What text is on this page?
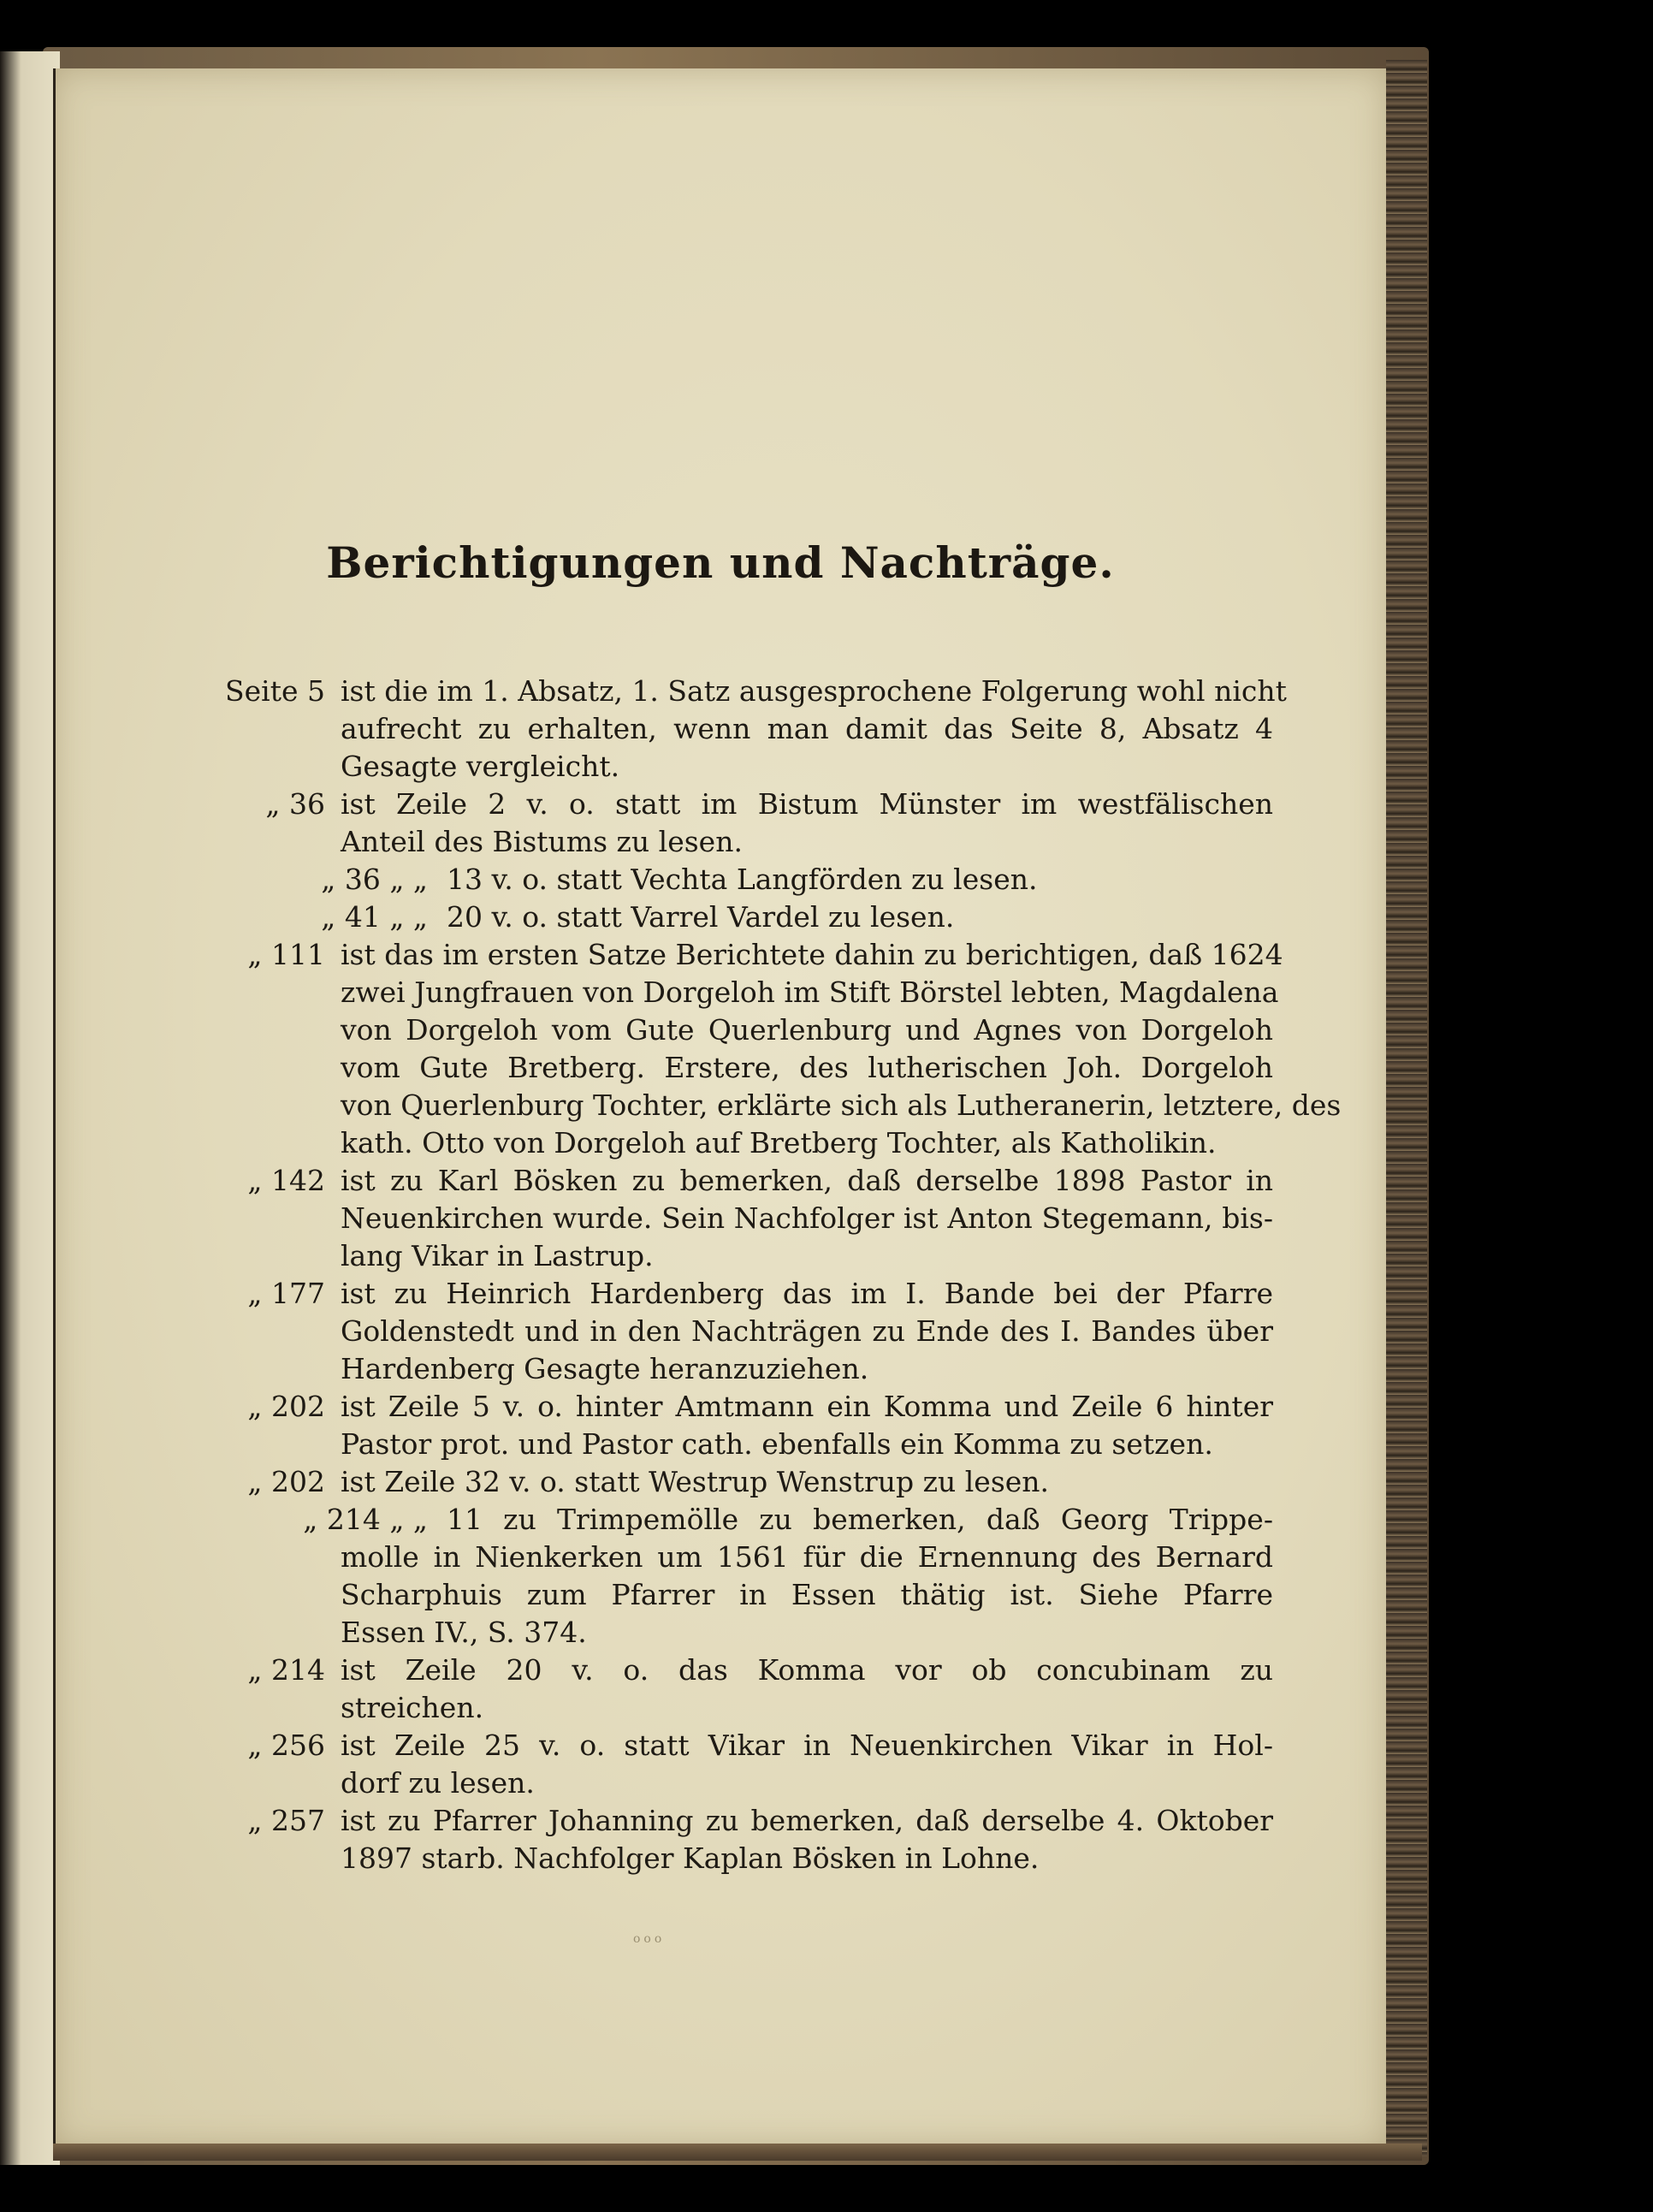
Berichtigungen und Nachträge.
Seite 5 ist die im 1. Absatz, 1. Satz ausgesprochene Folgerung wohl nicht
aufrecht zu erhalten, wenn man damit das Seite 8, Absatz 4
Gesagte vergleicht.
„ 36 ist Zeile 2 v. o. statt im Bistum Münster im westfälischen
Anteil des Bistums zu lesen.
„ 36 „ „ 13 v. o. statt Vechta Langförden zu lesen.
„ 41 „ „ 20 v. o. statt Varrel Vardel zu lesen.
„ 111 ist das im ersten Satze Berichtete dahin zu berichtigen, daß 1624
zwei Jungfrauen von Dorgeloh im Stift Börstel lebten, Magdalena
von Dorgeloh vom Gute Querlenburg und Agnes von Dorgeloh
vom Gute Bretberg. Erstere, des lutherischen Joh. Dorgeloh
von Querlenburg Tochter, erklärte sich als Lutheranerin, letztere, des
kath. Otto von Dorgeloh auf Bretberg Tochter, als Katholikin.
„ 142 ist zu Karl Bösken zu bemerken, daß derselbe 1898 Pastor in
Neuenkirchen wurde. Sein Nachfolger ist Anton Stegemann, bis-
lang Vikar in Lastrup.
„ 177 ist zu Heinrich Hardenberg das im I. Bande bei der Pfarre
Goldenstedt und in den Nachträgen zu Ende des I. Bandes über
Hardenberg Gesagte heranzuziehen.
„ 202 ist Zeile 5 v. o. hinter Amtmann ein Komma und Zeile 6 hinter
Pastor prot. und Pastor cath. ebenfalls ein Komma zu setzen.
„ 202 ist Zeile 32 v. o. statt Westrup Wenstrup zu lesen.
„ 214 „ „ 11 zu Trimpemölle zu bemerken, daß Georg Trippe-
molle in Nienkerken um 1561 für die Ernennung des Bernard
Scharphuis zum Pfarrer in Essen thätig ist. Siehe Pfarre
Essen IV., S. 374.
„ 214 ist Zeile 20 v. o. das Komma vor ob concubinam zu
streichen.
„ 256 ist Zeile 25 v. o. statt Vikar in Neuenkirchen Vikar in Hol-
dorf zu lesen.
„ 257 ist zu Pfarrer Johanning zu bemerken, daß derselbe 4. Oktober
1897 starb. Nachfolger Kaplan Bösken in Lohne.
ooo
